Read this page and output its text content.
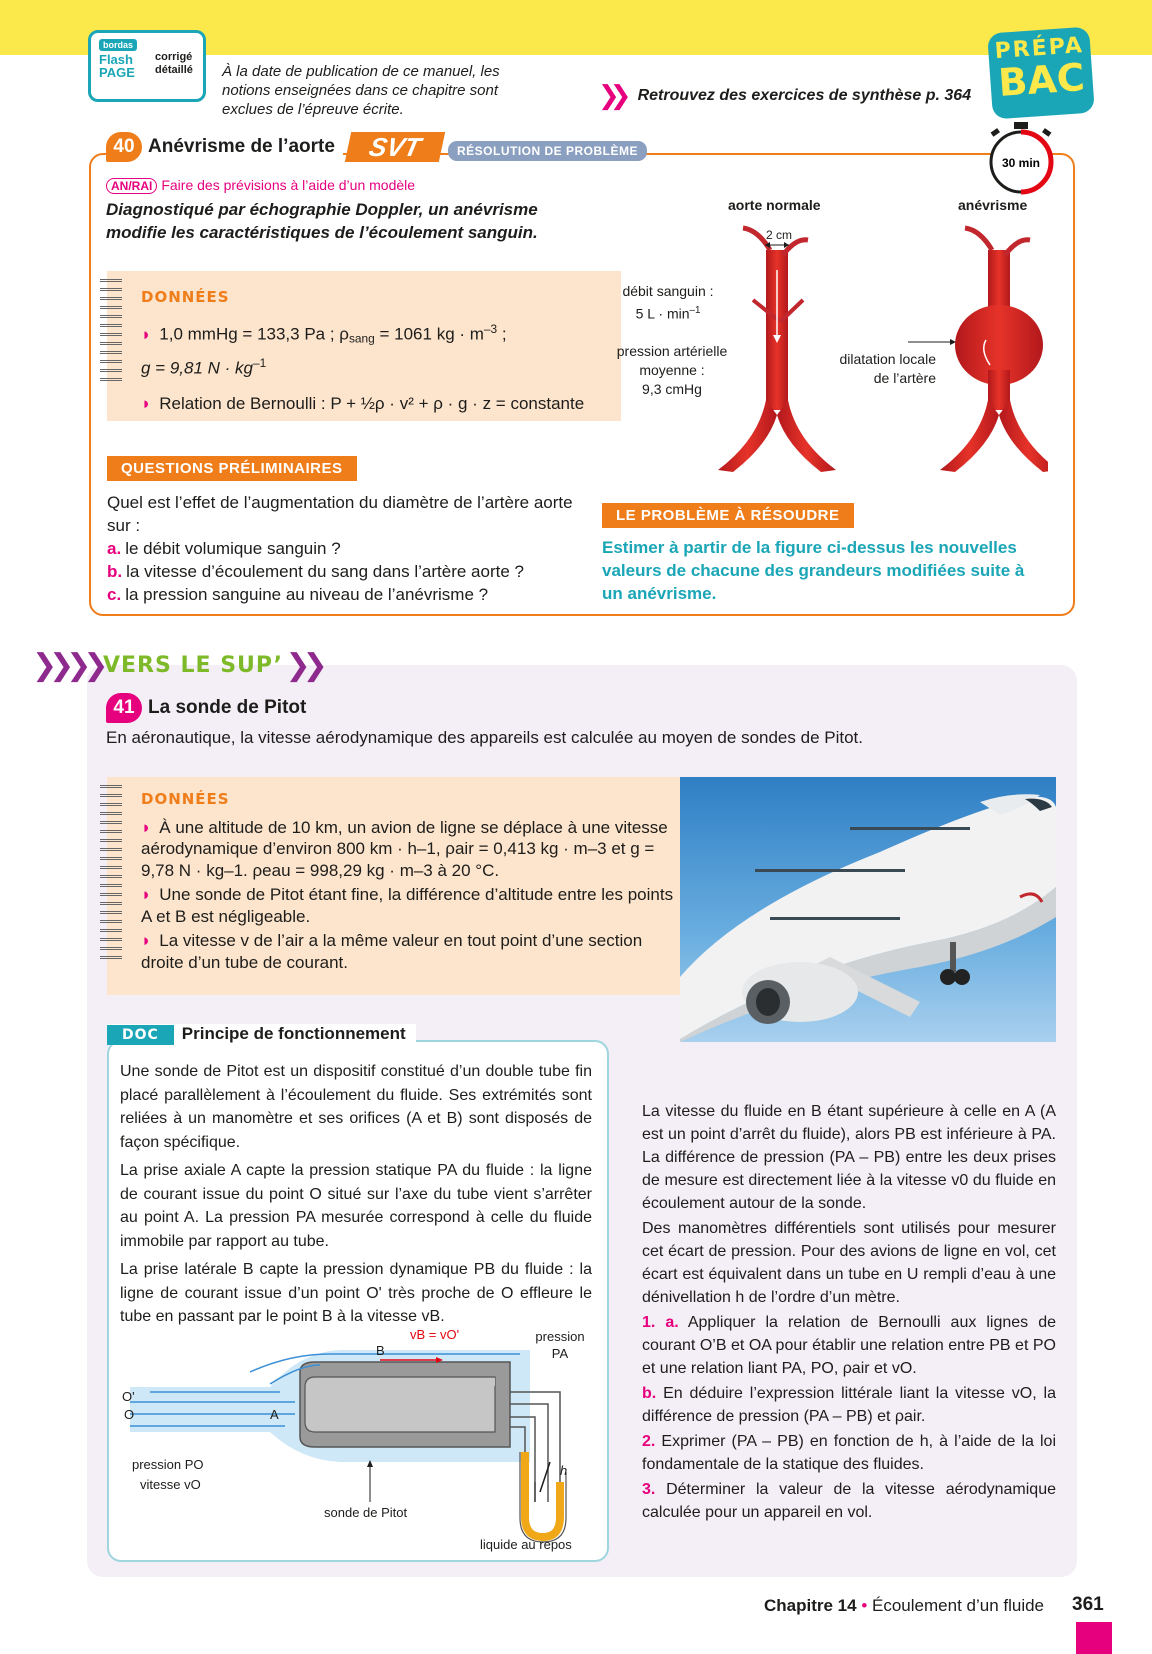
bordas
Flash PAGE
corrigé détaillé	À la date de publication de ce manuel, les notions enseignées dans ce chapitre sont exclues de l’épreuve écrite.	❯❯ Retrouvez des exercices de synthèse p. 364
PRÉPA
BAC
40 Anévrisme de l’aorte	SVT	RÉSOLUTION DE PROBLÈME
30 min
AN/RAI Faire des prévisions à l’aide d’un modèle
Diagnostiqué par échographie Doppler, un anévrisme modifie les caractéristiques de l’écoulement sanguin.
DONNÉES
◗ 1,0 mmHg = 133,3 Pa ; $\rho_{sang} = 1061$ kg · $m^{-3}$ ;
g = 9,81 $N \cdot kg^{-1}$
◗ Relation de Bernoulli : P + ½ρ · v² + ρ · g · z = constante
QUESTIONS PRÉLIMINAIRES
Quel est l’effet de l’augmentation du diamètre de l’artère aorte sur :
a. le débit volumique sanguin ?
b. la vitesse d’écoulement du sang dans l’artère aorte ?
c. la pression sanguine au niveau de l’anévrisme ?
LE PROBLÈME À RÉSOUDRE
Estimer à partir de la figure ci-dessus les nouvelles valeurs de chacune des grandeurs modifiées suite à un anévrisme.
aorte normale	anévrisme
2 cm
débit sanguin :
5 $L \cdot \min^{-1}$
pression artérielle moyenne :
9,3 cmHg
dilatation locale de l’artère
❯❯❯❯ VERS LE SUP’ ❯❯
41 La sonde de Pitot
En aéronautique, la vitesse aérodynamique des appareils est calculée au moyen de sondes de Pitot.
DONNÉES
◗ À une altitude de 10 km, un avion de ligne se déplace à une vitesse aérodynamique d’environ 800 km · h–1, ρair = 0,413 kg · m–3 et g = 9,78 N · kg–1. ρeau = 998,29 kg · m–3 à 20 °C.
◗ Une sonde de Pitot étant fine, la différence d’altitude entre les points A et B est négligeable.
◗ La vitesse v de l’air a la même valeur en tout point d’une section droite d’un tube de courant.
DOC Principe de fonctionnement

Une sonde de Pitot est un dispositif constitué d’un double tube fin placé parallèlement à l’écoulement du fluide. Ses extrémités sont reliées à un manomètre et ses orifices (A et B) sont disposés de façon spécifique.

La prise axiale A capte la pression statique PA du fluide : la ligne de courant issue du point O situé sur l’axe du tube vient s’arrêter au point A. La pression PA mesurée correspond à celle du fluide immobile par rapport au tube.

La prise latérale B capte la pression dynamique PB du fluide : la ligne de courant issue d’un point O' très proche de O effleure le tube en passant par le point B à la vitesse vB.

vB = vO'
B
A
O'
O
pression PA
h
pression PO
vitesse vO
sonde de Pitot
liquide au repos

La vitesse du fluide en B étant supérieure à celle en A (A est un point d’arrêt du fluide), alors PB est inférieure à PA. La différence de pression (PA – PB) entre les deux prises de mesure est directement liée à la vitesse v0 du fluide en écoulement autour de la sonde.

Des manomètres différentiels sont utilisés pour mesurer cet écart de pression. Pour des avions de ligne en vol, cet écart est équivalent dans un tube en U rempli d’eau à une dénivellation h de l’ordre d’un mètre.

1. a. Appliquer la relation de Bernoulli aux lignes de courant O’B et OA pour établir une relation entre PB et PO et une relation liant PA, PO, ρair et vO.

b. En déduire l’expression littérale liant la vitesse vO, la différence de pression (PA – PB) et ρair.

2. Exprimer (PA – PB) en fonction de h, à l’aide de la loi fondamentale de la statique des fluides.

3. Déterminer la valeur de la vitesse aérodynamique calculée pour un appareil en vol.

Chapitre 14 • Écoulement d’un fluide 361
